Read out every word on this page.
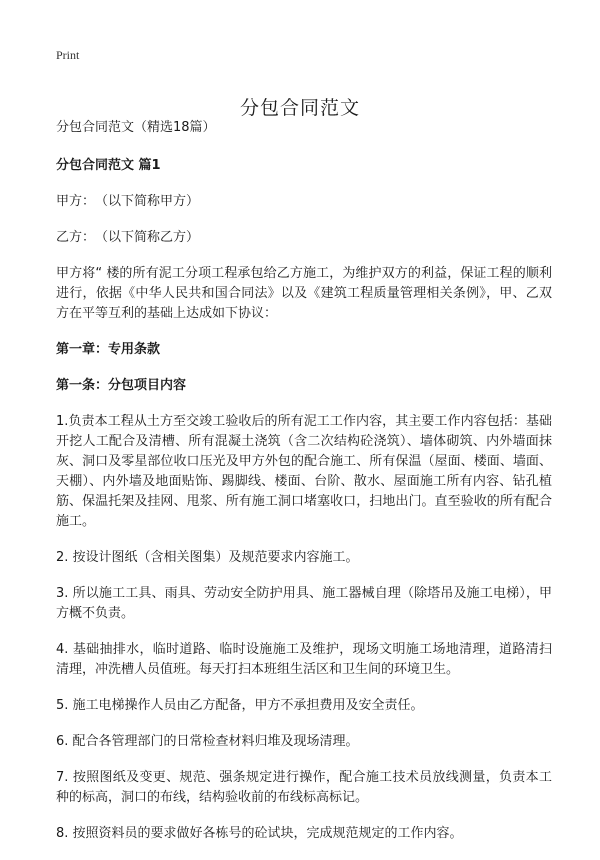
Print
分包合同范文

分包合同范文（精选18篇）

分包合同范文 篇1

甲方：　（以下简称甲方）

乙方：　（以下简称乙方）

甲方将“ 楼的所有泥工分项工程承包给乙方施工，为维护双方的利益，保证工程的顺利进行，依据《中华人民共和国合同法》以及《建筑工程质量管理相关条例》，甲、乙双方在平等互利的基础上达成如下协议：

第一章：专用条款

第一条：分包项目内容

1.负责本工程从土方至交竣工验收后的所有泥工工作内容，其主要工作内容包括：基础开挖人工配合及清槽、所有混凝土浇筑（含二次结构砼浇筑）、墙体砌筑、内外墙面抹灰、洞口及零星部位收口压光及甲方外包的配合施工、所有保温（屋面、楼面、墙面、天棚）、内外墙及地面贴饰、踢脚线、楼面、台阶、散水、屋面施工所有内容、钻孔植筋、保温托架及挂网、甩浆、所有施工洞口堵塞收口，扫地出门。直至验收的所有配合施工。

2. 按设计图纸（含相关图集）及规范要求内容施工。

3. 所以施工工具、雨具、劳动安全防护用具、施工器械自理（除塔吊及施工电梯），甲方概不负责。

4. 基础抽排水，临时道路、临时设施施工及维护，现场文明施工场地清理，道路清扫清理，冲洗槽人员值班。每天打扫本班组生活区和卫生间的环境卫生。

5. 施工电梯操作人员由乙方配备，甲方不承担费用及安全责任。

6. 配合各管理部门的日常检查材料归堆及现场清理。

7. 按照图纸及变更、规范、强条规定进行操作，配合施工技术员放线测量，负责本工种的标高，洞口的布线，结构验收前的布线标高标记。

8. 按照资料员的要求做好各栋号的砼试块，完成规范规定的工作内容。
